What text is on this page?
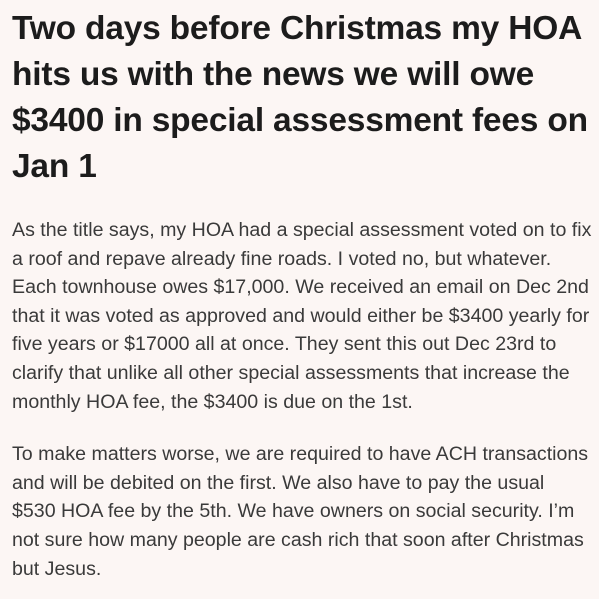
Two days before Christmas my HOA hits us with the news we will owe $3400 in special assessment fees on Jan 1

As the title says, my HOA had a special assessment voted on to fix a roof and repave already fine roads. I voted no, but whatever. Each townhouse owes $17,000. We received an email on Dec 2nd that it was voted as approved and would either be $3400 yearly for five years or $17000 all at once. They sent this out Dec 23rd to clarify that unlike all other special assessments that increase the monthly HOA fee, the $3400 is due on the 1st.

To make matters worse, we are required to have ACH transactions and will be debited on the first. We also have to pay the usual $530 HOA fee by the 5th. We have owners on social security. I’m not sure how many people are cash rich that soon after Christmas but Jesus.
